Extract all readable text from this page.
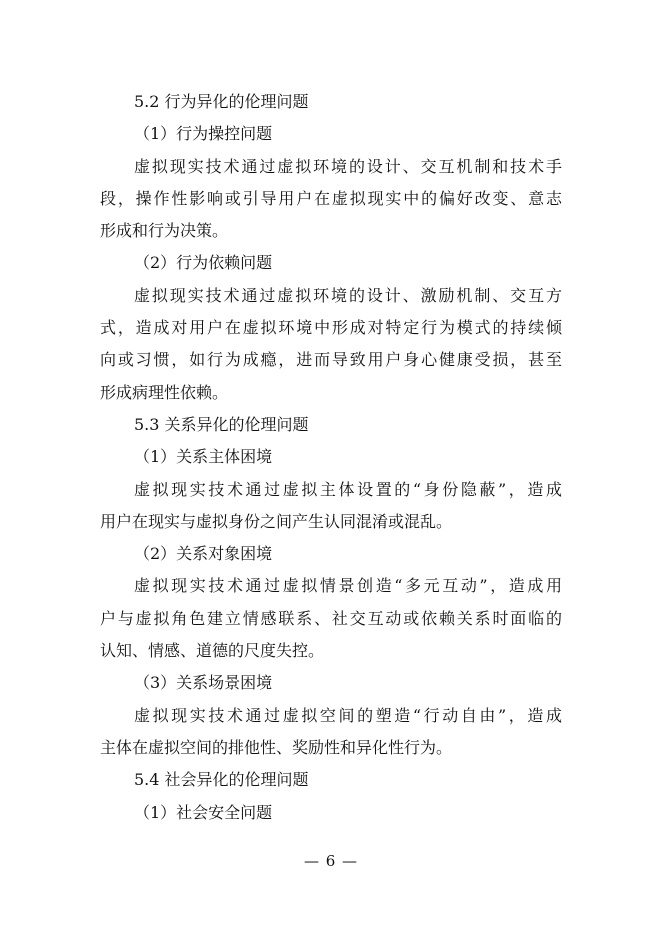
5.2 行为异化的伦理问题
（1）行为操控问题
虚拟现实技术通过虚拟环境的设计、交互机制和技术手
段，操作性影响或引导用户在虚拟现实中的偏好改变、意志
形成和行为决策。
（2）行为依赖问题
虚拟现实技术通过虚拟环境的设计、激励机制、交互方
式，造成对用户在虚拟环境中形成对特定行为模式的持续倾
向或习惯，如行为成瘾，进而导致用户身心健康受损，甚至
形成病理性依赖。
5.3 关系异化的伦理问题
（1）关系主体困境
虚拟现实技术通过虚拟主体设置的“身份隐蔽”，造成
用户在现实与虚拟身份之间产生认同混淆或混乱。
（2）关系对象困境
虚拟现实技术通过虚拟情景创造“多元互动”，造成用
户与虚拟角色建立情感联系、社交互动或依赖关系时面临的
认知、情感、道德的尺度失控。
（3）关系场景困境
虚拟现实技术通过虚拟空间的塑造“行动自由”，造成
主体在虚拟空间的排他性、奖励性和异化性行为。
5.4 社会异化的伦理问题
（1）社会安全问题
— 6 —
